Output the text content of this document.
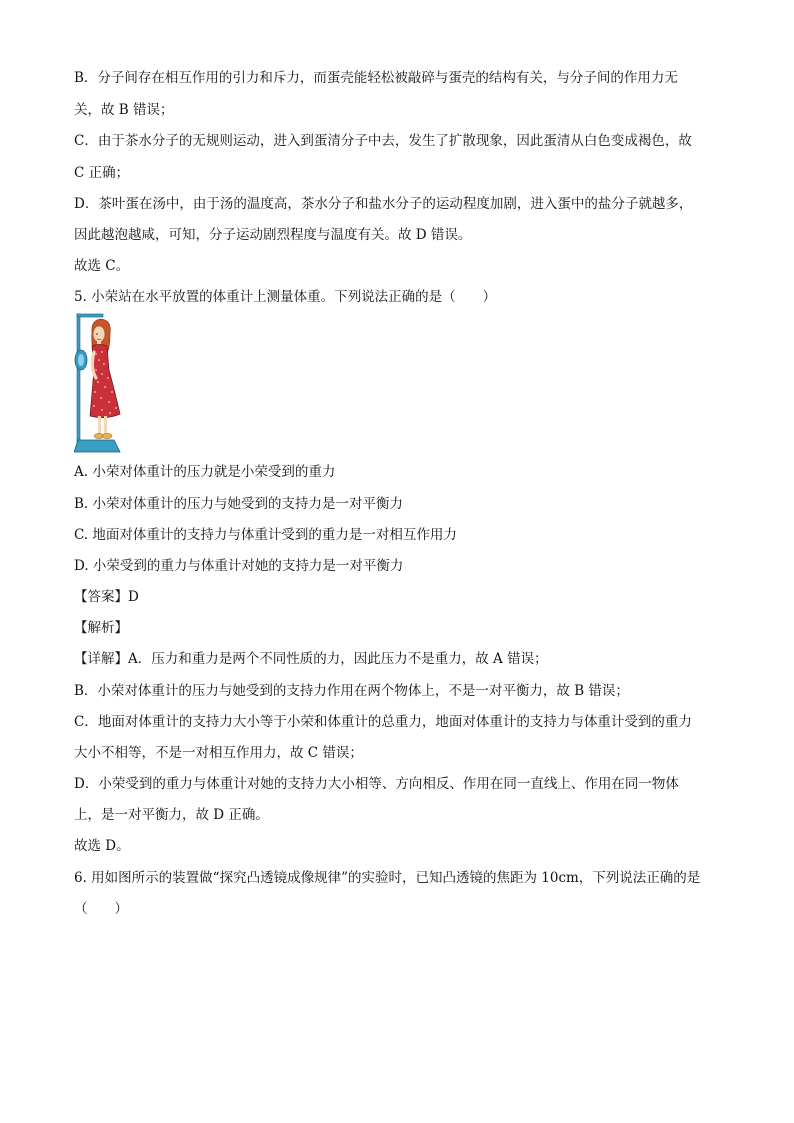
B．分子间存在相互作用的引力和斥力，而蛋壳能轻松被敲碎与蛋壳的结构有关，与分子间的作用力无
关，故 B 错误；
C．由于茶水分子的无规则运动，进入到蛋清分子中去，发生了扩散现象，因此蛋清从白色变成褐色，故
C 正确；
D．茶叶蛋在汤中，由于汤的温度高，茶水分子和盐水分子的运动程度加剧，进入蛋中的盐分子就越多，
因此越泡越咸，可知，分子运动剧烈程度与温度有关。故 D 错误。
故选 C。
5. 小荣站在水平放置的体重计上测量体重。下列说法正确的是（　　）
A. 小荣对体重计的压力就是小荣受到的重力
B. 小荣对体重计的压力与她受到的支持力是一对平衡力
C. 地面对体重计的支持力与体重计受到的重力是一对相互作用力
D. 小荣受到的重力与体重计对她的支持力是一对平衡力
【答案】D
【解析】
【详解】A．压力和重力是两个不同性质的力，因此压力不是重力，故 A 错误；
B．小荣对体重计的压力与她受到的支持力作用在两个物体上，不是一对平衡力，故 B 错误；
C．地面对体重计的支持力大小等于小荣和体重计的总重力，地面对体重计的支持力与体重计受到的重力
大小不相等，不是一对相互作用力，故 C 错误；
D．小荣受到的重力与体重计对她的支持力大小相等、方向相反、作用在同一直线上、作用在同一物体
上，是一对平衡力，故 D 正确。
故选 D。
6. 用如图所示的装置做“探究凸透镜成像规律”的实验时，已知凸透镜的焦距为 10cm，下列说法正确的是
（　　）
